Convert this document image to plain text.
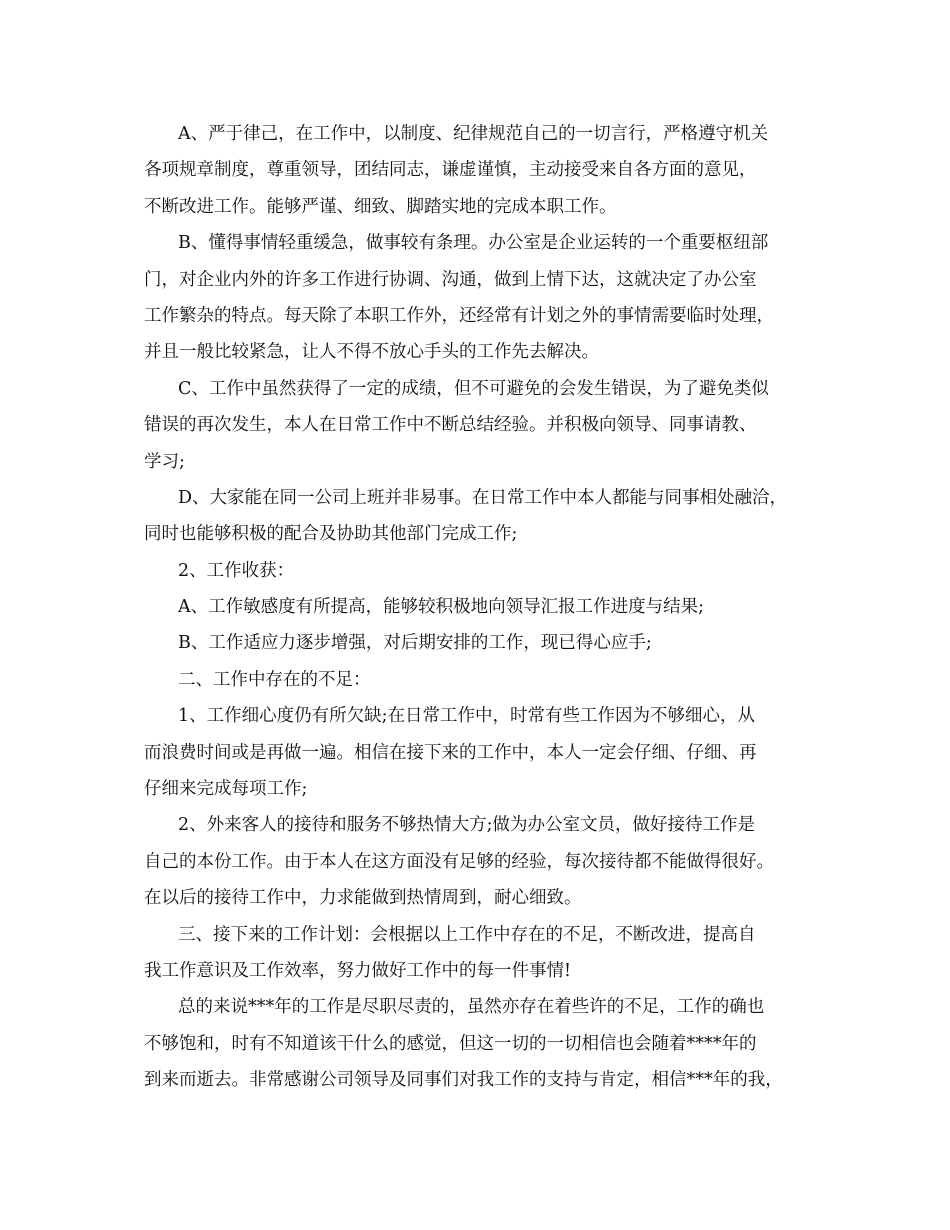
A、严于律己，在工作中，以制度、纪律规范自己的一切言行，严格遵守机关
各项规章制度，尊重领导，团结同志，谦虚谨慎，主动接受来自各方面的意见，
不断改进工作。能够严谨、细致、脚踏实地的完成本职工作。
B、懂得事情轻重缓急，做事较有条理。办公室是企业运转的一个重要枢纽部
门，对企业内外的许多工作进行协调、沟通，做到上情下达，这就决定了办公室
工作繁杂的特点。每天除了本职工作外，还经常有计划之外的事情需要临时处理，
并且一般比较紧急，让人不得不放心手头的工作先去解决。
C、工作中虽然获得了一定的成绩，但不可避免的会发生错误，为了避免类似
错误的再次发生，本人在日常工作中不断总结经验。并积极向领导、同事请教、
学习;
D、大家能在同一公司上班并非易事。在日常工作中本人都能与同事相处融洽，
同时也能够积极的配合及协助其他部门完成工作;
2、工作收获：
A、工作敏感度有所提高，能够较积极地向领导汇报工作进度与结果;
B、工作适应力逐步增强，对后期安排的工作，现已得心应手;
二、工作中存在的不足：
1、工作细心度仍有所欠缺;在日常工作中，时常有些工作因为不够细心，从
而浪费时间或是再做一遍。相信在接下来的工作中，本人一定会仔细、仔细、再
仔细来完成每项工作;
2、外来客人的接待和服务不够热情大方;做为办公室文员，做好接待工作是
自己的本份工作。由于本人在这方面没有足够的经验，每次接待都不能做得很好。
在以后的接待工作中，力求能做到热情周到，耐心细致。
三、接下来的工作计划：会根据以上工作中存在的不足，不断改进，提高自
我工作意识及工作效率，努力做好工作中的每一件事情!
总的来说***年的工作是尽职尽责的，虽然亦存在着些许的不足，工作的确也
不够饱和，时有不知道该干什么的感觉，但这一切的一切相信也会随着****年的
到来而逝去。非常感谢公司领导及同事们对我工作的支持与肯定，相信***年的我，
